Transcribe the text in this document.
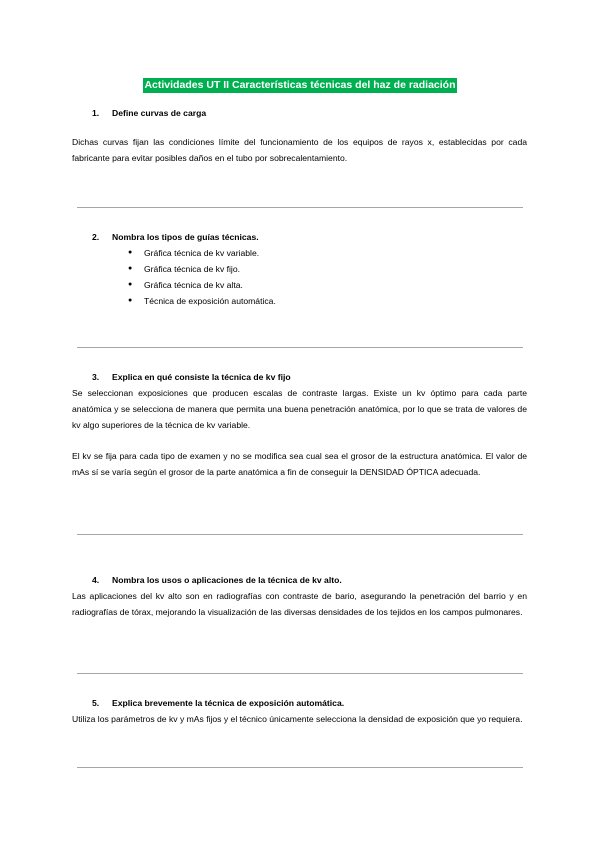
Actividades UT II Características técnicas del haz de radiación
1. Define curvas de carga

Dichas curvas fijan las condiciones límite del funcionamiento de los equipos de rayos x, establecidas por cada fabricante para evitar posibles daños en el tubo por sobrecalentamiento.

2. Nombra los tipos de guías técnicas.
● Gráfica técnica de kv variable.
● Gráfica técnica de kv fijo.
● Gráfica técnica de kv alta.
● Técnica de exposición automática.
3. Explica en qué consiste la técnica de kv fijo

Se seleccionan exposiciones que producen escalas de contraste largas. Existe un kv óptimo para cada parte anatómica y se selecciona de manera que permita una buena penetración anatómica, por lo que se trata de valores de kv algo superiores de la técnica de kv variable.

El kv se fija para cada tipo de examen y no se modifica sea cual sea el grosor de la estructura anatómica. El valor de mAs sí se varía según el grosor de la parte anatómica a fin de conseguir la DENSIDAD ÓPTICA adecuada.

4. Nombra los usos o aplicaciones de la técnica de kv alto.

Las aplicaciones del kv alto son en radiografías con contraste de bario, asegurando la penetración del barrio y en radiografías de tórax, mejorando la visualización de las diversas densidades de los tejidos en los campos pulmonares.

5. Explica brevemente la técnica de exposición automática.

Utiliza los parámetros de kv y mAs fijos y el técnico únicamente selecciona la densidad de exposición que yo requiera.
